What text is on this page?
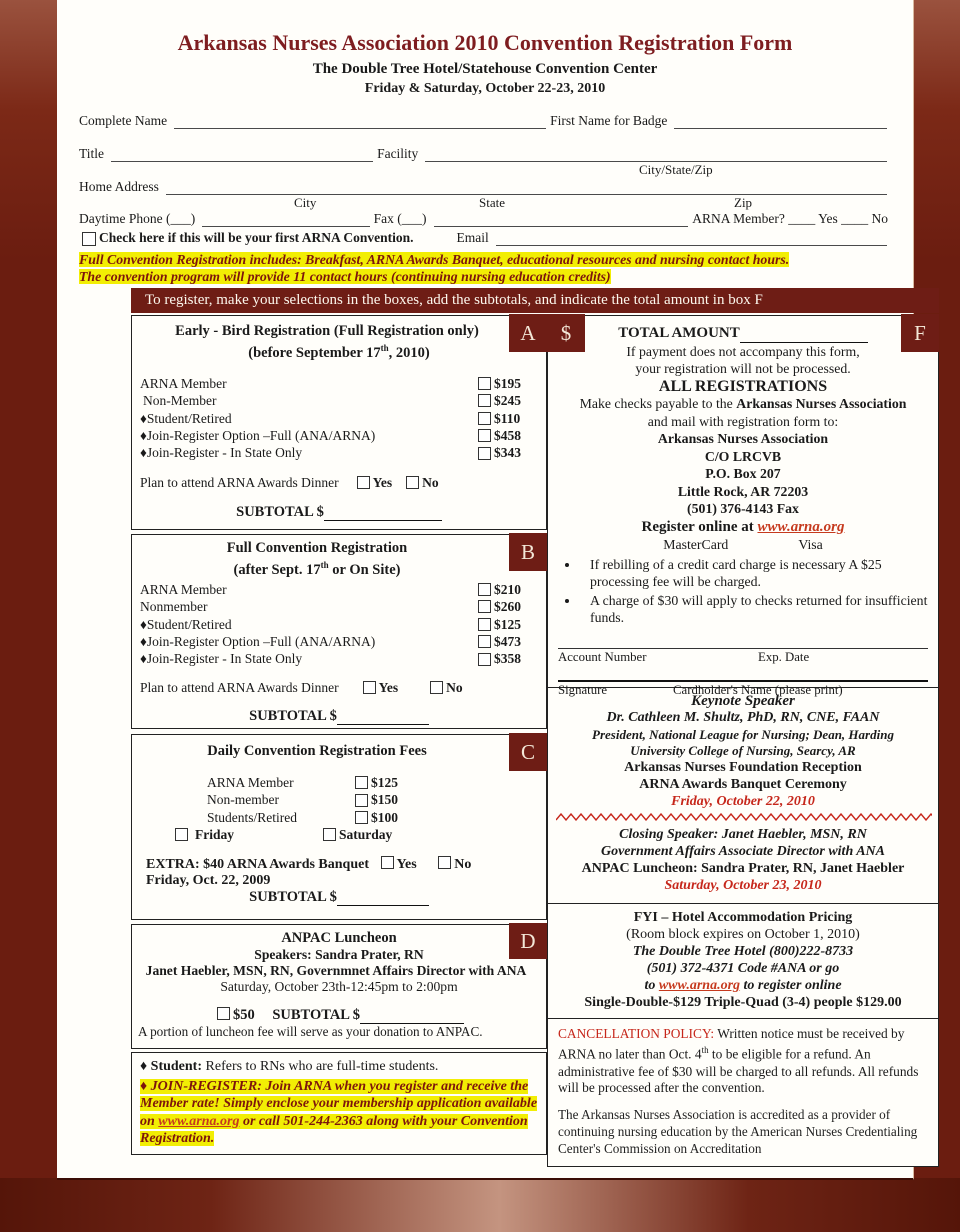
Arkansas Nurses Association 2010 Convention Registration Form
The Double Tree Hotel/Statehouse Convention Center
Friday & Saturday, October 22-23, 2010
Complete Name	First Name for Badge
Title	Facility
City/State/Zip
Home Address
City	State	Zip
Daytime Phone (___)	Fax (___)	ARNA Member? ____ Yes ____ No
Check here if this will be your first ARNA Convention.	Email
Full Convention Registration includes: Breakfast, ARNA Awards Banquet, educational resources and nursing contact hours.
The convention program will provide 11 contact hours (continuing nursing education credits)
To register, make your selections in the boxes, add the subtotals, and indicate the total amount in box F
A
Early - Bird Registration (Full Registration only)
(before September 17th, 2010)
ARNA Member	$195
Non-Member	$245
♦Student/Retired	$110
♦Join-Register Option –Full (ANA/ARNA)	$458
♦Join-Register - In State Only	$343
Plan to attend ARNA Awards Dinner	Yes No
SUBTOTAL $
B
Full Convention Registration
(after Sept. 17th or On Site)
ARNA Member	$210
Nonmember	$260
♦Student/Retired	$125
♦Join-Register Option –Full (ANA/ARNA)	$473
♦Join-Register - In State Only	$358
Plan to attend ARNA Awards Dinner	Yes	No
SUBTOTAL $
C
Daily Convention Registration Fees
ARNA Member	$125
Non-member	$150
Students/Retired	$100
Friday	Saturday
EXTRA: $40 ARNA Awards Banquet Yes	No
Friday, Oct. 22, 2009
SUBTOTAL $
D
ANPAC Luncheon
Speakers: Sandra Prater, RN
Janet Haebler, MSN, RN, Governmnet Affairs Director with ANA
Saturday, October 23th-12:45pm to 2:00pm
$50 SUBTOTAL $
A portion of luncheon fee will serve as your donation to ANPAC.
♦ Student: Refers to RNs who are full-time students.
♦ JOIN-REGISTER: Join ARNA when you register and receive the Member rate! Simply enclose your membership application available on www.arna.org or call 501-244-2363 along with your Convention Registration.
$	F
TOTAL AMOUNT
If payment does not accompany this form,
your registration will not be processed.
ALL REGISTRATIONS
Make checks payable to the Arkansas Nurses Association
and mail with registration form to:
Arkansas Nurses Association
C/O LRCVB
P.O. Box 207
Little Rock, AR 72203
(501) 376-4143 Fax
Register online at www.arna.org
MasterCard	Visa
• If rebilling of a credit card charge is necessary A $25 processing fee will be charged.
• A charge of $30 will apply to checks returned for insufficient funds.
Account Number	Exp. Date
Signature	Cardholder's Name (please print)
Keynote Speaker
Dr. Cathleen M. Shultz, PhD, RN, CNE, FAAN
President, National League for Nursing; Dean, Harding
University College of Nursing, Searcy, AR
Arkansas Nurses Foundation Reception
ARNA Awards Banquet Ceremony
Friday, October 22, 2010
Closing Speaker: Janet Haebler, MSN, RN
Government Affairs Associate Director with ANA
ANPAC Luncheon: Sandra Prater, RN, Janet Haebler
Saturday, October 23, 2010
FYI – Hotel Accommodation Pricing
(Room block expires on October 1, 2010)
The Double Tree Hotel (800)222-8733
(501) 372-4371 Code #ANA or go
to www.arna.org to register online
Single-Double-$129 Triple-Quad (3-4) people $129.00
CANCELLATION POLICY: Written notice must be received by ARNA no later than Oct. 4th to be eligible for a refund. An administrative fee of $30 will be charged to all refunds. All refunds will be processed after the convention.
The Arkansas Nurses Association is accredited as a provider of continuing nursing education by the American Nurses Credentialing Center's Commission on Accreditation
